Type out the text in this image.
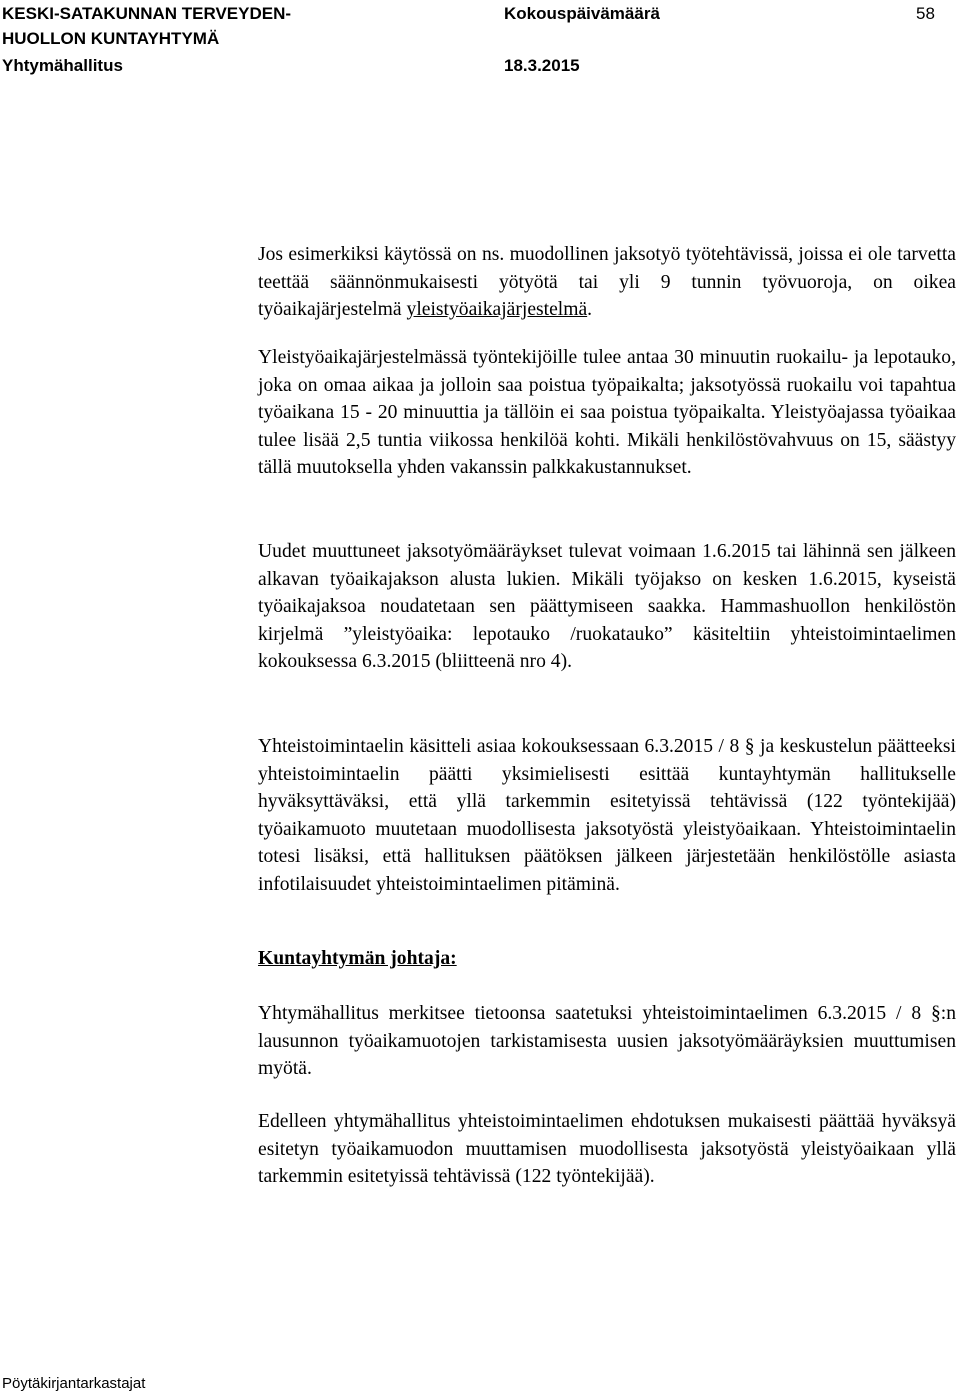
KESKI-SATAKUNNAN TERVEYDEN-
HUOLLON KUNTAYHTYMÄ
Yhtymähallitus
Kokouspäivämäärä
18.3.2015
58

Jos esimerkiksi käytössä on ns. muodollinen jaksotyö työtehtävissä, joissa ei ole tarvetta teettää säännönmukaisesti yötyötä tai yli 9 tunnin työvuoroja, on oikea työaikajärjestelmä yleistyöaikajärjestelmä.

Yleistyöaikajärjestelmässä työntekijöille tulee antaa 30 minuutin ruokailu- ja lepotauko, joka on omaa aikaa ja jolloin saa poistua työpaikalta; jaksotyössä ruokailu voi tapahtua työaikana 15 - 20 minuuttia ja tällöin ei saa poistua työpaikalta. Yleistyöajassa työaikaa tulee lisää 2,5 tuntia viikossa henkilöä kohti. Mikäli henkilöstövahvuus on 15, säästyy tällä muutoksella yhden vakanssin palkkakustannukset.

Uudet muuttuneet jaksotyömääräykset tulevat voimaan 1.6.2015 tai lähinnä sen jälkeen alkavan työaikajakson alusta lukien. Mikäli työjakso on kesken 1.6.2015, kyseistä työaikajaksoa noudatetaan sen päättymiseen saakka. Hammashuollon henkilöstön kirjelmä ”yleistyöaika: lepotauko /ruokatauko” käsiteltiin yhteistoimintaelimen kokouksessa 6.3.2015 (bliitteenä nro 4).

Yhteistoimintaelin käsitteli asiaa kokouksessaan 6.3.2015 / 8 § ja keskustelun päätteeksi yhteistoimintaelin päätti yksimielisesti esittää kuntayhtymän hallitukselle hyväksyttäväksi, että yllä tarkemmin esitetyissä tehtävissä (122 työntekijää) työaikamuoto muutetaan muodollisesta jaksotyöstä yleistyöaikaan. Yhteistoimintaelin totesi lisäksi, että hallituksen päätöksen jälkeen järjestetään henkilöstölle asiasta infotilaisuudet yhteistoimintaelimen pitäminä.

Kuntayhtymän johtaja:

Yhtymähallitus merkitsee tietoonsa saatetuksi yhteistoimintaelimen 6.3.2015 / 8 §:n lausunnon työaikamuotojen tarkistamisesta uusien jaksotyömääräyksien muuttumisen myötä.

Edelleen yhtymähallitus yhteistoimintaelimen ehdotuksen mukaisesti päättää hyväksyä esitetyn työaikamuodon muuttamisen muodollisesta jaksotyöstä yleistyöaikaan yllä tarkemmin esitetyissä tehtävissä (122 työntekijää).

Pöytäkirjantarkastajat
